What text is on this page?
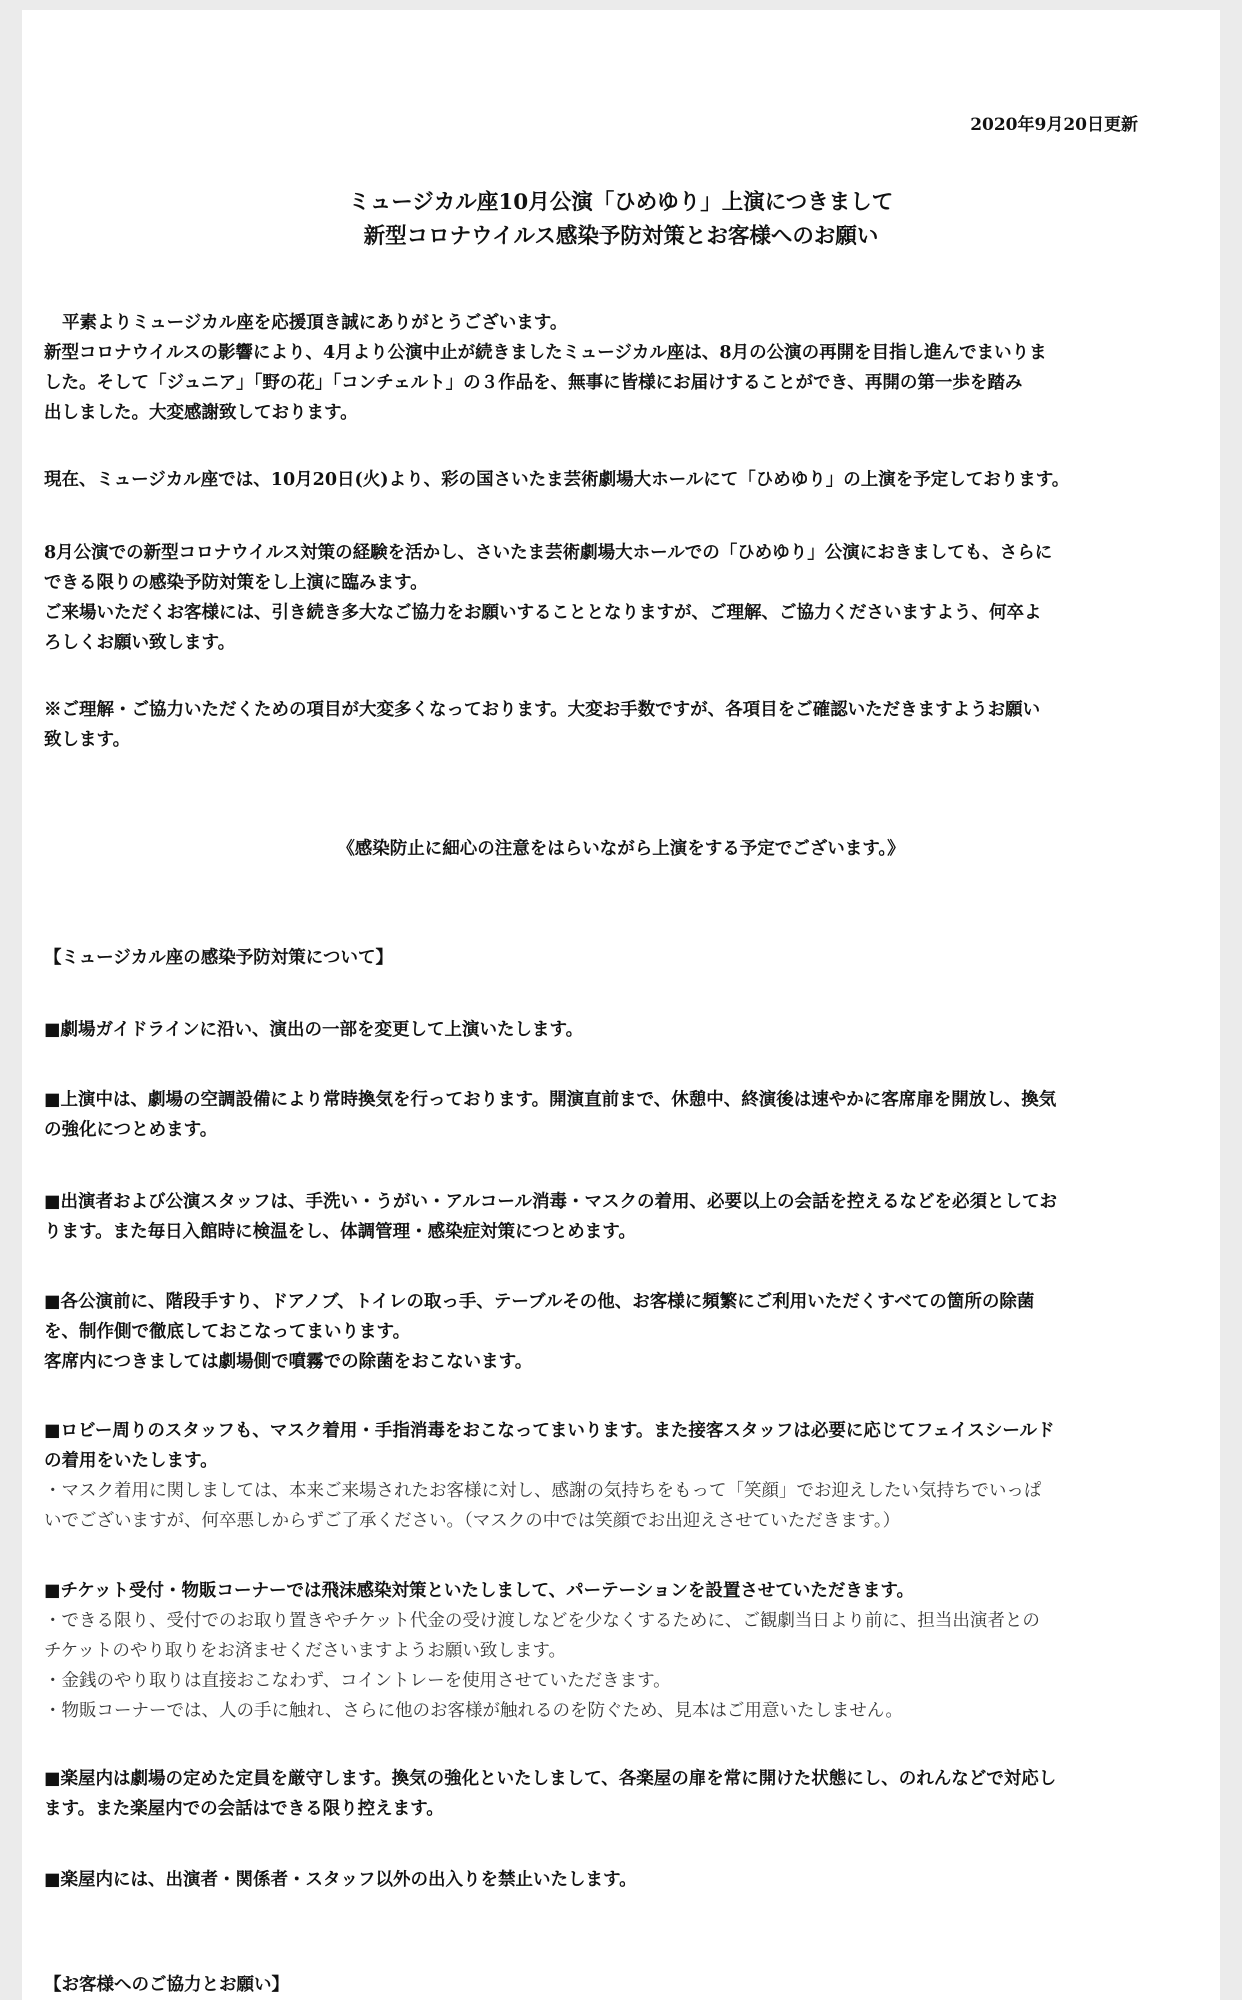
2020年9月20日更新
ミュージカル座10月公演「ひめゆり」上演につきまして
新型コロナウイルス感染予防対策とお客様へのお願い

平素よりミュージカル座を応援頂き誠にありがとうございます。
新型コロナウイルスの影響により、4月より公演中止が続きましたミュージカル座は、8月の公演の再開を目指し進んでまいりま
した。そして「ジュニア」「野の花」「コンチェルト」の３作品を、無事に皆様にお届けすることができ、再開の第一歩を踏み
出しました。大変感謝致しております。

現在、ミュージカル座では、10月20日(火)より、彩の国さいたま芸術劇場大ホールにて「ひめゆり」の上演を予定しております。

8月公演での新型コロナウイルス対策の経験を活かし、さいたま芸術劇場大ホールでの「ひめゆり」公演におきましても、さらに
できる限りの感染予防対策をし上演に臨みます。
ご来場いただくお客様には、引き続き多大なご協力をお願いすることとなりますが、ご理解、ご協力くださいますよう、何卒よ
ろしくお願い致します。

※ご理解・ご協力いただくための項目が大変多くなっております。大変お手数ですが、各項目をご確認いただきますようお願い
致します。

《感染防止に細心の注意をはらいながら上演をする予定でございます。》

【ミュージカル座の感染予防対策について】

■劇場ガイドラインに沿い、演出の一部を変更して上演いたします。

■上演中は、劇場の空調設備により常時換気を行っております。開演直前まで、休憩中、終演後は速やかに客席扉を開放し、換気
の強化につとめます。

■出演者および公演スタッフは、手洗い・うがい・アルコール消毒・マスクの着用、必要以上の会話を控えるなどを必須としてお
ります。また毎日入館時に検温をし、体調管理・感染症対策につとめます。

■各公演前に、階段手すり、ドアノブ、トイレの取っ手、テーブルその他、お客様に頻繁にご利用いただくすべての箇所の除菌
を、制作側で徹底しておこなってまいります。
客席内につきましては劇場側で噴霧での除菌をおこないます。

■ロビー周りのスタッフも、マスク着用・手指消毒をおこなってまいります。また接客スタッフは必要に応じてフェイスシールド
の着用をいたします。
・マスク着用に関しましては、本来ご来場されたお客様に対し、感謝の気持ちをもって「笑顔」でお迎えしたい気持ちでいっぱ
いでございますが、何卒悪しからずご了承ください。（マスクの中では笑顔でお出迎えさせていただきます。）

■チケット受付・物販コーナーでは飛沫感染対策といたしまして、パーテーションを設置させていただきます。
・できる限り、受付でのお取り置きやチケット代金の受け渡しなどを少なくするために、ご観劇当日より前に、担当出演者との
チケットのやり取りをお済ませくださいますようお願い致します。
・金銭のやり取りは直接おこなわず、コイントレーを使用させていただきます。
・物販コーナーでは、人の手に触れ、さらに他のお客様が触れるのを防ぐため、見本はご用意いたしません。

■楽屋内は劇場の定めた定員を厳守します。換気の強化といたしまして、各楽屋の扉を常に開けた状態にし、のれんなどで対応し
ます。また楽屋内での会話はできる限り控えます。

■楽屋内には、出演者・関係者・スタッフ以外の出入りを禁止いたします。

【お客様へのご協力とお願い】
